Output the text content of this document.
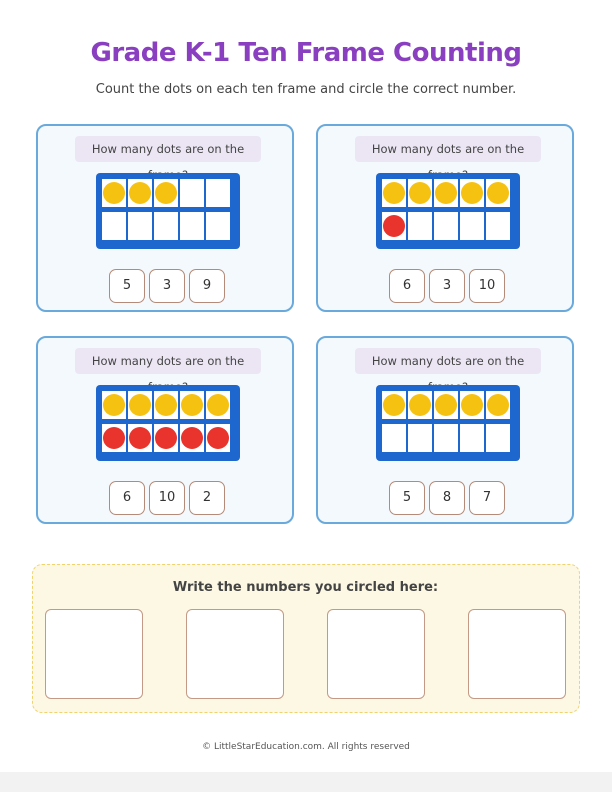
Grade K-1 Ten Frame Counting
Count the dots on each ten frame and circle the correct number.
How many dots are on the
5	3	9
How many dots are on the
6	3	10
How many dots are on the
6	10	2
How many dots are on the
5	8	7
Write the numbers you circled here:
© LittleStarEducation.com. All rights reserved
